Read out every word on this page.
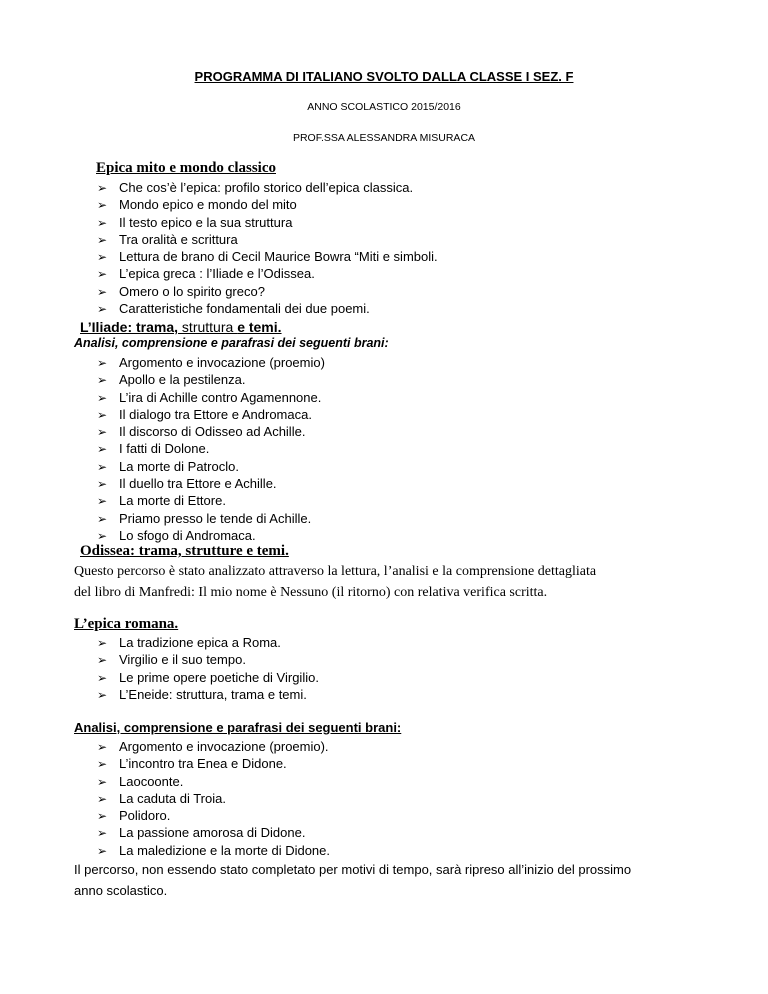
PROGRAMMA DI ITALIANO SVOLTO DALLA CLASSE I SEZ. F
ANNO SCOLASTICO 2015/2016
PROF.SSA ALESSANDRA MISURACA
Epica mito e mondo classico
➢ Che cos’è l’epica: profilo storico dell’epica classica.
➢ Mondo epico e mondo del mito
➢ Il testo epico e la sua struttura
➢ Tra oralità e scrittura
➢ Lettura de brano di Cecil Maurice Bowra “Miti e simboli.
➢ L’epica greca : l’Iliade e l’Odissea.
➢ Omero o lo spirito greco?
➢ Caratteristiche fondamentali dei due poemi.
L’Iliade: trama, struttura e temi.
Analisi, comprensione e parafrasi dei seguenti brani:
➢ Argomento e invocazione (proemio)
➢ Apollo e la pestilenza.
➢ L’ira di Achille contro Agamennone.
➢ Il dialogo tra Ettore e Andromaca.
➢ Il discorso di Odisseo ad Achille.
➢ I fatti di Dolone.
➢ La morte di Patroclo.
➢ Il duello tra Ettore e Achille.
➢ La morte di Ettore.
➢ Priamo presso le tende di Achille.
➢ Lo sfogo di Andromaca.
Odissea: trama, strutture e temi.
Questo percorso è stato analizzato attraverso la lettura, l’analisi e la comprensione dettagliata
del libro di Manfredi: Il mio nome è Nessuno (il ritorno) con relativa verifica scritta.
L’epica romana.
➢ La tradizione epica a Roma.
➢ Virgilio e il suo tempo.
➢ Le prime opere poetiche di Virgilio.
➢ L’Eneide: struttura, trama e temi.
Analisi, comprensione e parafrasi dei seguenti brani:
➢ Argomento e invocazione (proemio).
➢ L’incontro tra Enea e Didone.
➢ Laocoonte.
➢ La caduta di Troia.
➢ Polidoro.
➢ La passione amorosa di Didone.
➢ La maledizione e la morte di Didone.
Il percorso, non essendo stato completato per motivi di tempo, sarà ripreso all’inizio del prossimo
anno scolastico.
